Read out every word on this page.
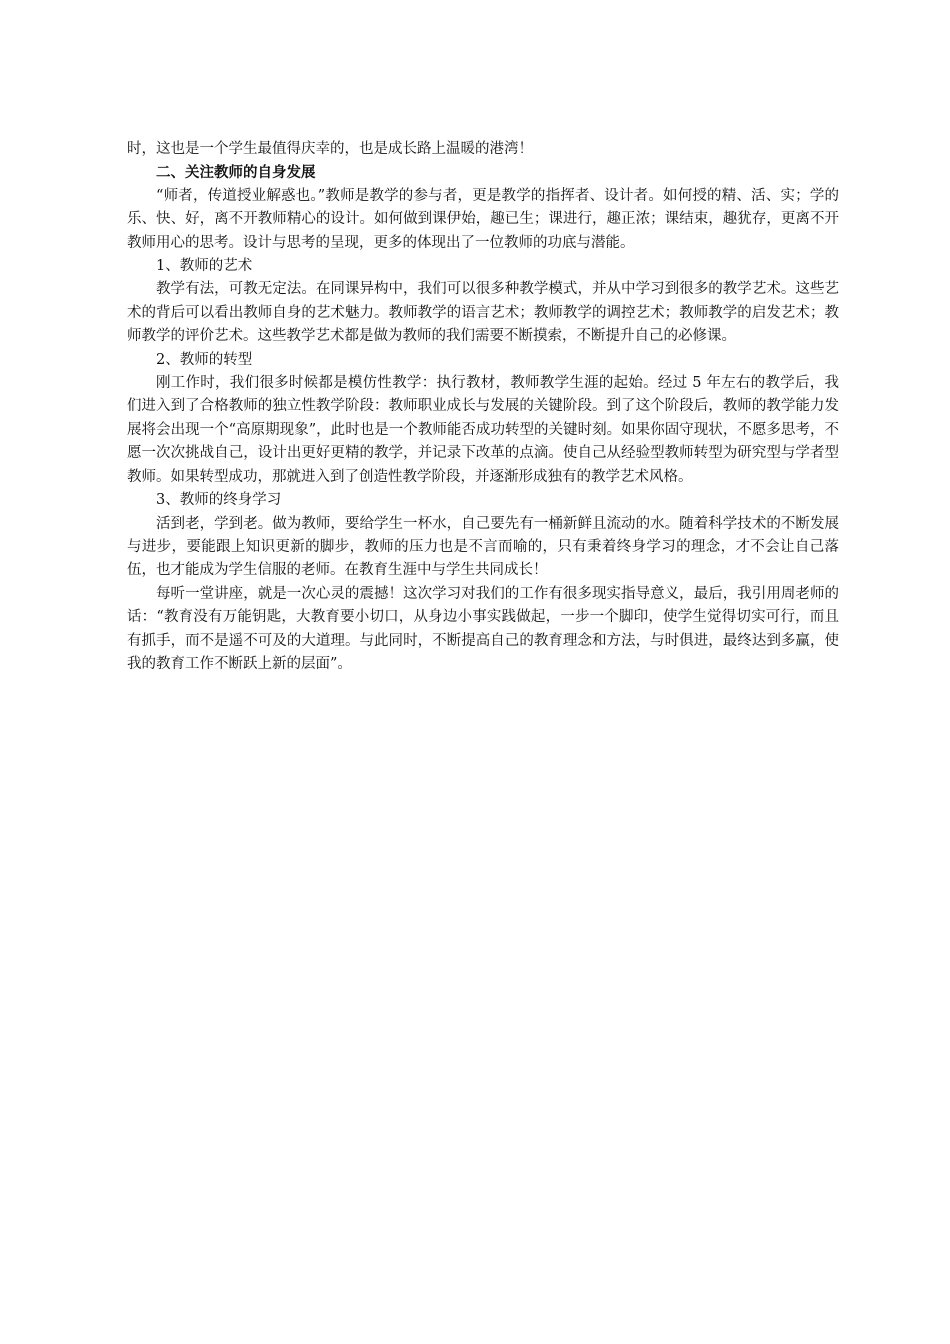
时，这也是一个学生最值得庆幸的，也是成长路上温暖的港湾！

二、关注教师的自身发展

“师者，传道授业解惑也。”教师是教学的参与者，更是教学的指挥者、设计者。如何授的精、活、实；学的乐、快、好，离不开教师精心的设计。如何做到课伊始，趣已生；课进行，趣正浓；课结束，趣犹存，更离不开教师用心的思考。设计与思考的呈现，更多的体现出了一位教师的功底与潜能。

1、教师的艺术

教学有法，可教无定法。在同课异构中，我们可以很多种教学模式，并从中学习到很多的教学艺术。这些艺术的背后可以看出教师自身的艺术魅力。教师教学的语言艺术；教师教学的调控艺术；教师教学的启发艺术；教师教学的评价艺术。这些教学艺术都是做为教师的我们需要不断摸索，不断提升自己的必修课。

2、教师的转型

刚工作时，我们很多时候都是模仿性教学：执行教材，教师教学生涯的起始。经过 5 年左右的教学后，我们进入到了合格教师的独立性教学阶段：教师职业成长与发展的关键阶段。到了这个阶段后，教师的教学能力发展将会出现一个“高原期现象”，此时也是一个教师能否成功转型的关键时刻。如果你固守现状，不愿多思考，不愿一次次挑战自己，设计出更好更精的教学，并记录下改革的点滴。使自己从经验型教师转型为研究型与学者型教师。如果转型成功，那就进入到了创造性教学阶段，并逐渐形成独有的教学艺术风格。

3、教师的终身学习

活到老，学到老。做为教师，要给学生一杯水，自己要先有一桶新鲜且流动的水。随着科学技术的不断发展与进步，要能跟上知识更新的脚步，教师的压力也是不言而喻的，只有秉着终身学习的理念，才不会让自己落伍，也才能成为学生信服的老师。在教育生涯中与学生共同成长！

每听一堂讲座，就是一次心灵的震撼！这次学习对我们的工作有很多现实指导意义，最后，我引用周老师的话：“教育没有万能钥匙，大教育要小切口，从身边小事实践做起，一步一个脚印，使学生觉得切实可行，而且有抓手，而不是遥不可及的大道理。与此同时，不断提高自己的教育理念和方法，与时俱进，最终达到多赢，使我的教育工作不断跃上新的层面”。
